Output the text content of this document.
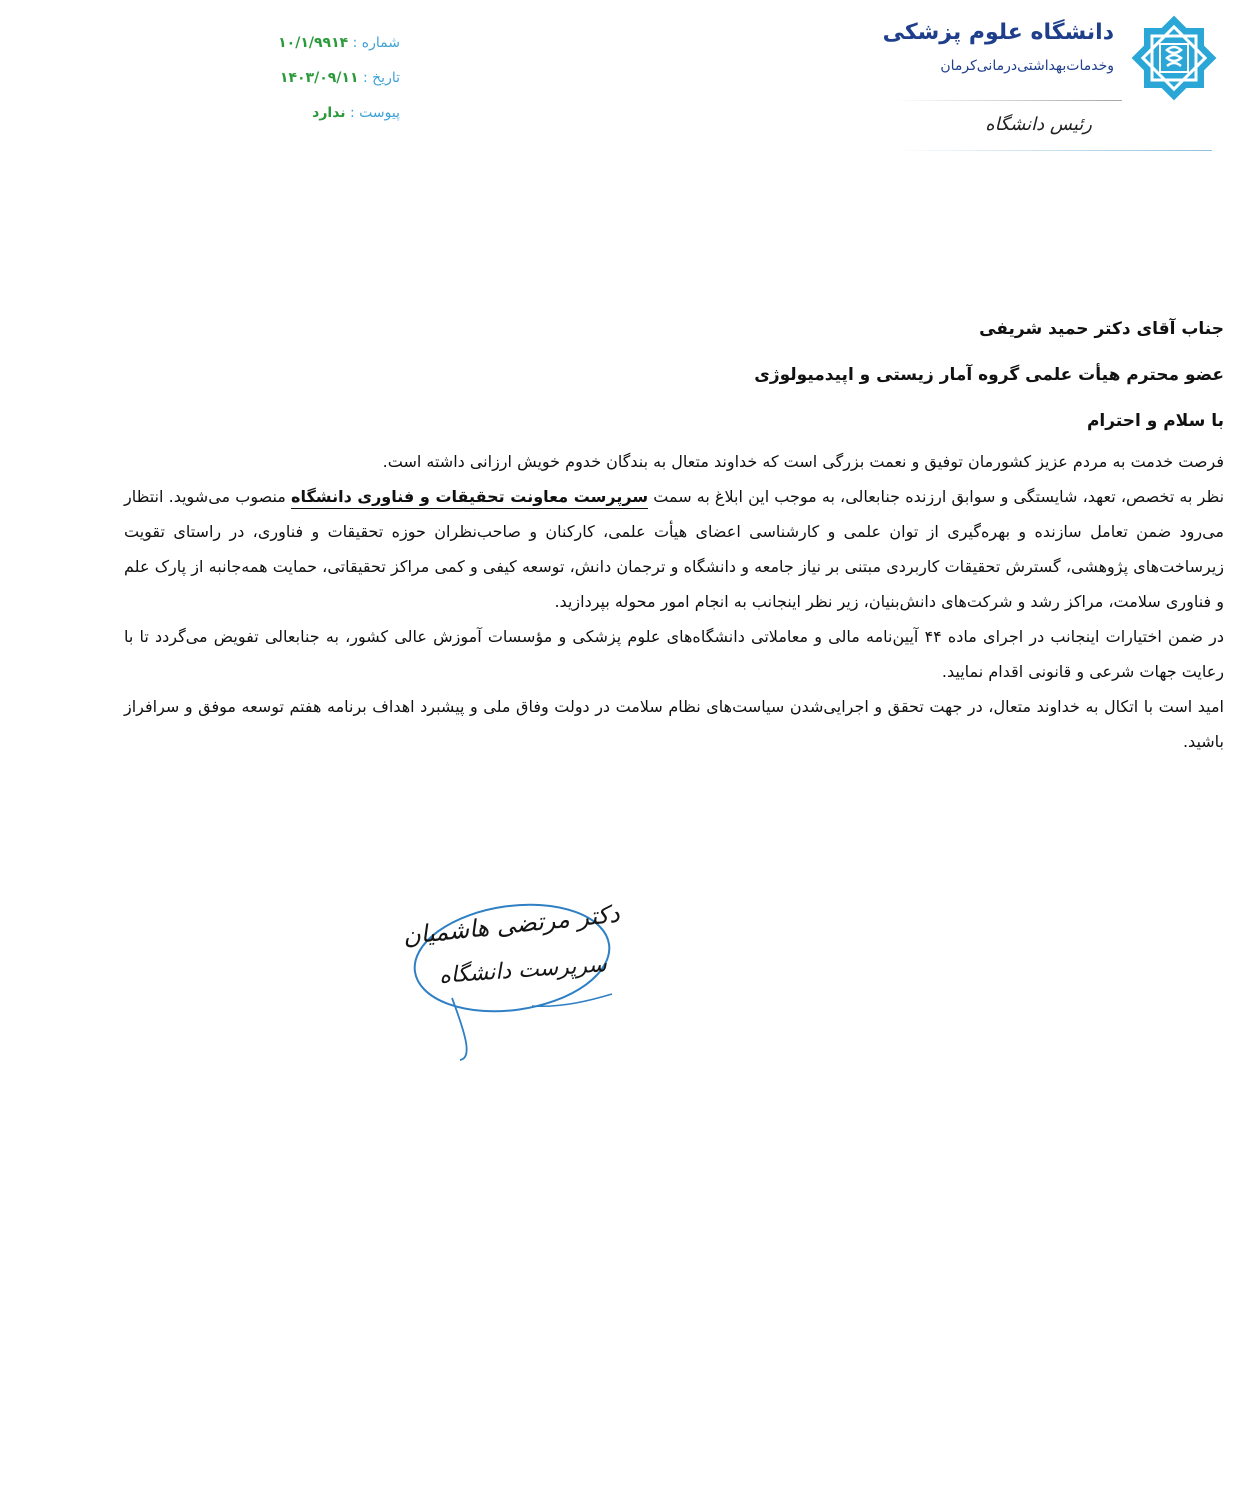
دانشگاه علوم پزشکی
وخدمات‌بهداشتی‌درمانی‌کرمان
رئیس دانشگاه
شماره : ۱۰/۱/۹۹۱۴
تاریخ : ۱۴۰۳/۰۹/۱۱
پیوست : ندارد
جناب آقای دکتر حمید شریفی
عضو محترم هیأت علمی گروه آمار زیستی و اپیدمیولوژی
با سلام و احترام
فرصت خدمت به مردم عزیز کشورمان توفیق و نعمت بزرگی است که خداوند متعال به بندگان خدوم خویش ارزانی داشته است.
نظر به تخصص، تعهد، شایستگی و سوابق ارزنده جنابعالی، به موجب این ابلاغ به سمت سرپرست معاونت تحقیقات و فناوری دانشگاه منصوب می‌شوید. انتظار می‌رود ضمن تعامل سازنده و بهره‌گیری از توان علمی و کارشناسی اعضای هیأت علمی، کارکنان و صاحب‌نظران حوزه تحقیقات و فناوری، در راستای تقویت زیرساخت‌های پژوهشی، گسترش تحقیقات کاربردی مبتنی بر نیاز جامعه و دانشگاه و ترجمان دانش، توسعه کیفی و کمی مراکز تحقیقاتی، حمایت همه‌جانبه از پارک علم و فناوری سلامت، مراکز رشد و شرکت‌های دانش‌بنیان، زیر نظر اینجانب به انجام امور محوله بپردازید.
در ضمن اختیارات اینجانب در اجرای ماده ۴۴ آیین‌نامه مالی و معاملاتی دانشگاه‌های علوم پزشکی و مؤسسات آموزش عالی کشور، به جنابعالی تفویض می‌گردد تا با رعایت جهات شرعی و قانونی اقدام نمایید.
امید است با اتکال به خداوند متعال، در جهت تحقق و اجرایی‌شدن سیاست‌های نظام سلامت در دولت وفاق ملی و پیشبرد اهداف برنامه هفتم توسعه موفق و سرافراز باشید.
دکتر مرتضی هاشمیان
سرپرست دانشگاه
